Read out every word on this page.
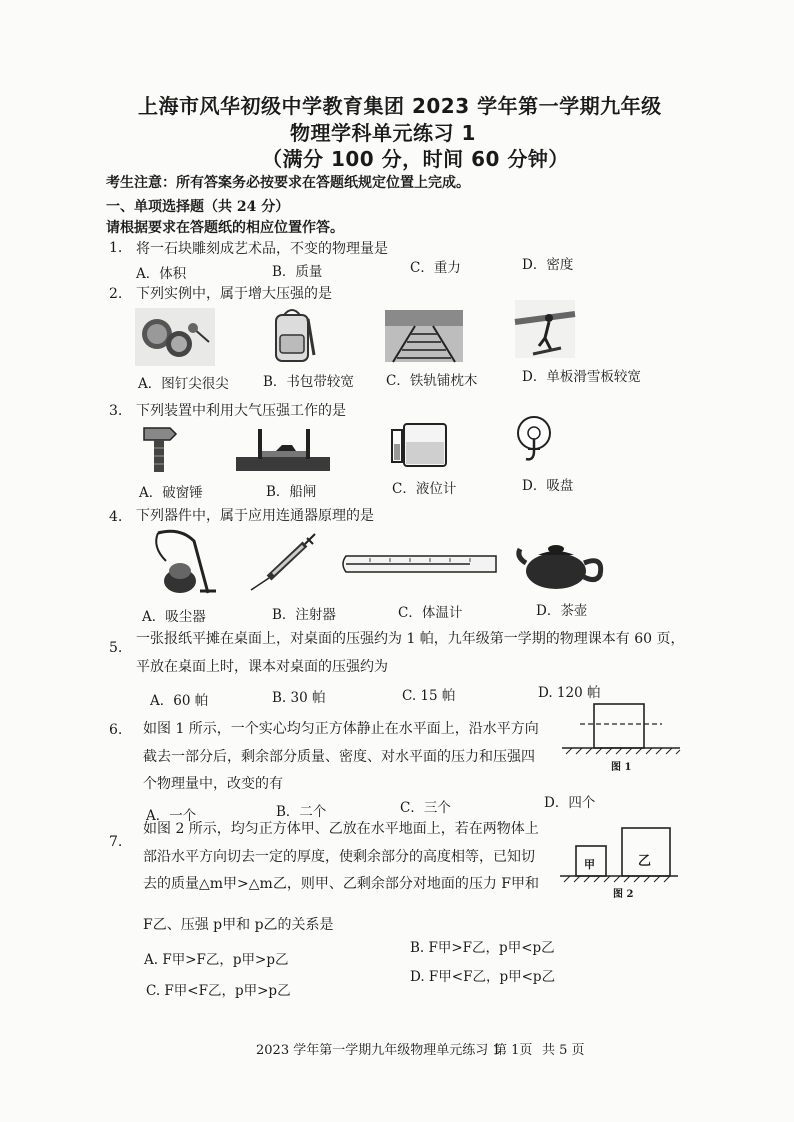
上海市风华初级中学教育集团 2023 学年第一学期九年级
物理学科单元练习 1
（满分 100 分，时间 60 分钟）
考生注意：所有答案务必按要求在答题纸规定位置上完成。
一、单项选择题（共 24 分）
请根据要求在答题纸的相应位置作答。
1. 将一石块雕刻成艺术品，不变的物理量是
A．体积	B．质量	C．重力	D．密度
2. 下列实例中，属于增大压强的是
A．图钉尖很尖	B．书包带较宽 C．铁轨铺枕木	D．单板滑雪板较宽
3. 下列装置中利用大气压强工作的是
A．破窗锤	B．船闸	C．液位计	D．吸盘
4. 下列器件中，属于应用连通器原理的是
A．吸尘器	B．注射器	C．体温计	D．茶壶
5.
一张报纸平摊在桌面上，对桌面的压强约为 1 帕，九年级第一学期的物理课本有 60 页，
平放在桌面上时，课本对桌面的压强约为
A．60 帕	B. 30 帕	C. 15 帕	D. 120 帕
6. 如图 1 所示，一个实心均匀正方体静止在水平面上，沿水平方向
截去一部分后，剩余部分质量、密度、对水平面的压力和压强四
个物理量中，改变的有
A．一个	B．二个	C．三个	D．四个
图 1
7.
如图 2 所示，均匀正方体甲、乙放在水平地面上，若在两物体上
部沿水平方向切去一定的厚度，使剩余部分的高度相等，已知切
去的质量△m甲>△m乙，则甲、乙剩余部分对地面的压力 F甲和
F乙、压强 p甲和 p乙的关系是
A. F甲>F乙，p甲>p乙
B. F甲>F乙，p甲<p乙
C. F甲<F乙，p甲>p乙
D. F甲<F乙，p甲<p乙
甲	乙
图 2
2023 学年第一学期九年级物理单元练习 1
第 1页 共 5 页
